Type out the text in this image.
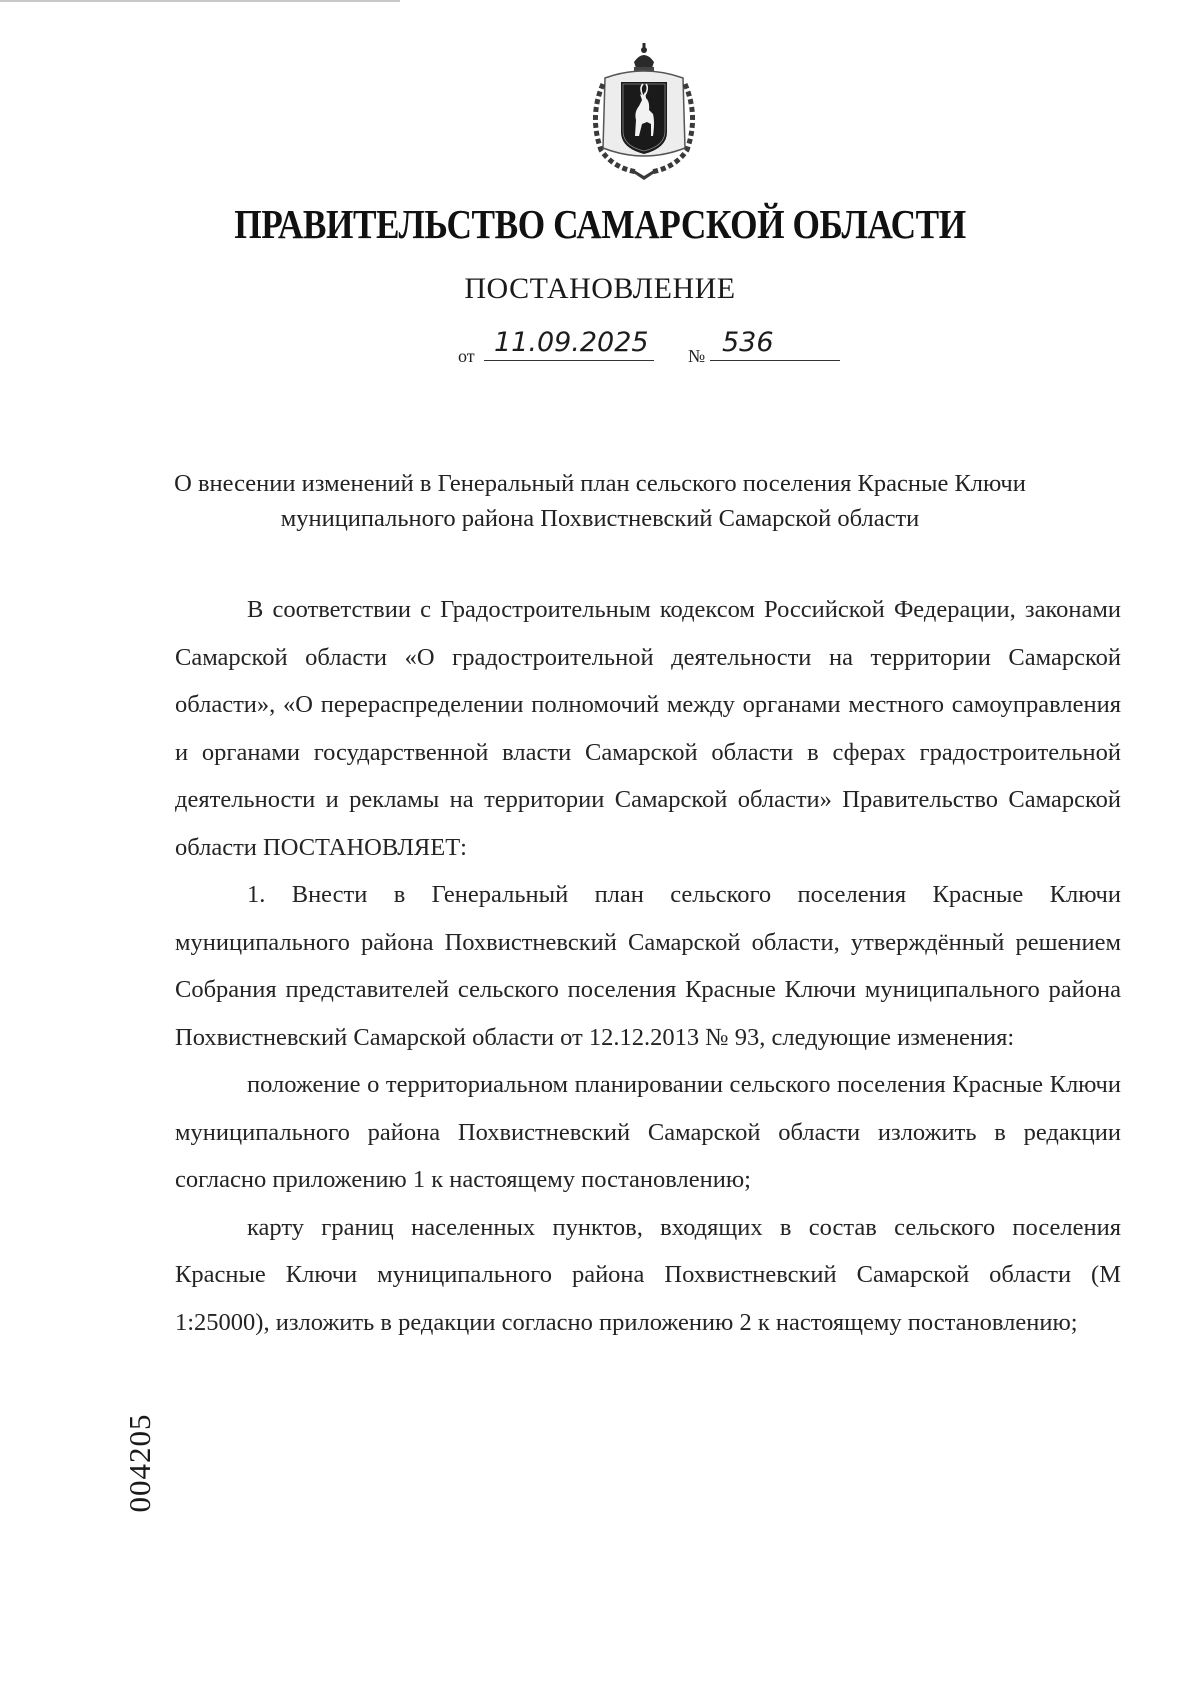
ПРАВИТЕЛЬСТВО САМАРСКОЙ ОБЛАСТИ
ПОСТАНОВЛЕНИЕ
от 11.09.2025 № 536
О внесении изменений в Генеральный план сельского поселения Красные Ключи муниципального района Похвистневский Самарской области

В соответствии с Градостроительным кодексом Российской Федерации, законами Самарской области «О градостроительной деятельности на территории Самарской области», «О перераспределении полномочий между органами местного самоуправления и органами государственной власти Самарской области в сферах градостроительной деятельности и рекламы на территории Самарской области» Правительство Самарской области ПОСТАНОВЛЯЕТ:

1. Внести в Генеральный план сельского поселения Красные Ключи муниципального района Похвистневский Самарской области, утверждённый решением Собрания представителей сельского поселения Красные Ключи муниципального района Похвистневский Самарской области от 12.12.2013 № 93, следующие изменения:

положение о территориальном планировании сельского поселения Красные Ключи муниципального района Похвистневский Самарской области изложить в редакции согласно приложению 1 к настоящему постановлению;

карту границ населенных пунктов, входящих в состав сельского поселения Красные Ключи муниципального района Похвистневский Самарской области (М 1:25000), изложить в редакции согласно приложению 2 к настоящему постановлению;

004205
